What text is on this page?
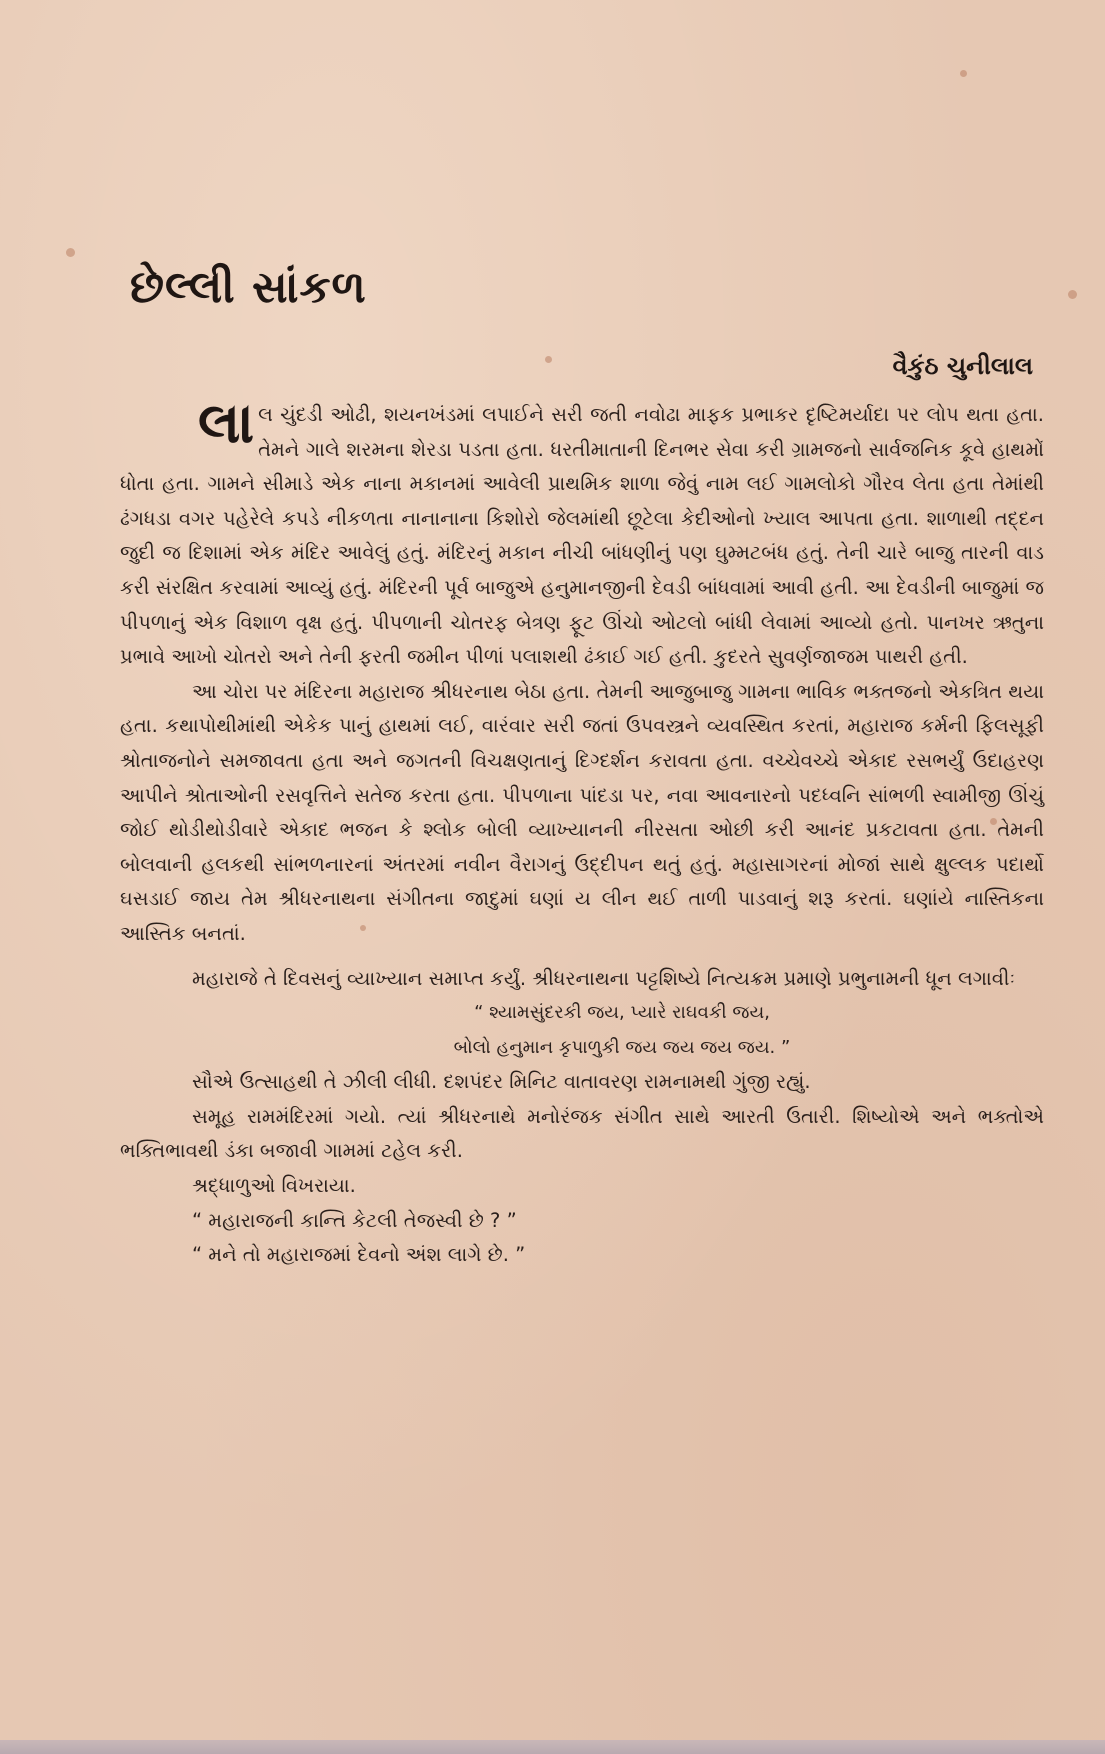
છેલ્લી સાંકળ
વૈકુંઠ ચુનીલાલ

લાલ ચુંદડી ઓઢી, શયનખંડમાં લપાઈને સરી જતી નવોઢા માફક પ્રભાકર દૃષ્ટિમર્યાદા પર લોપ થતા હતા. તેમને ગાલે શરમના શેરડા પડતા હતા. ધરતીમાતાની દિનભર સેવા કરી ગ્રામજનો સાર્વજનિક કૂવે હાથમોં ધોતા હતા. ગામને સીમાડે એક નાના મકાનમાં આવેલી પ્રાથમિક શાળા જેવું નામ લઈ ગામલોકો ગૌરવ લેતા હતા તેમાંથી ઢંગધડા વગર પહેરેલે કપડે નીકળતા નાનાનાના કિશોરો જેલમાંથી છૂટેલા કેદીઓનો ખ્યાલ આપતા હતા. શાળાથી તદ્દન જુદી જ દિશામાં એક મંદિર આવેલું હતું. મંદિરનું મકાન નીચી બાંધણીનું પણ ઘુમ્મટબંધ હતું. તેની ચારે બાજુ તારની વાડ કરી સંરક્ષિત કરવામાં આવ્યું હતું. મંદિરની પૂર્વ બાજુએ હનુમાનજીની દેવડી બાંધવામાં આવી હતી. આ દેવડીની બાજુમાં જ પીપળાનું એક વિશાળ વૃક્ષ હતું. પીપળાની ચોતરફ બેત્રણ ફૂટ ઊંચો ઓટલો બાંધી લેવામાં આવ્યો હતો. પાનખર ઋતુના પ્રભાવે આખો ચોતરો અને તેની ફરતી જમીન પીળાં પલાશથી ઢંકાઈ ગઈ હતી. કુદરતે સુવર્ણજાજમ પાથરી હતી.

આ ચોરા પર મંદિરના મહારાજ શ્રીધરનાથ બેઠા હતા. તેમની આજુબાજુ ગામના ભાવિક ભક્તજનો એકત્રિત થયા હતા. કથાપોથીમાંથી એકેક પાનું હાથમાં લઈ, વારંવાર સરી જતાં ઉપવસ્ત્રને વ્યવસ્થિત કરતાં, મહારાજ કર્મની ફિલસૂફી શ્રોતાજનોને સમજાવતા હતા અને જગતની વિચક્ષણતાનું દિગ્દર્શન કરાવતા હતા. વચ્ચેવચ્ચે એકાદ રસભર્યું ઉદાહરણ આપીને શ્રોતાઓની રસવૃત્તિને સતેજ કરતા હતા. પીપળાના પાંદડા પર, નવા આવનારનો પદધ્વનિ સાંભળી સ્વામીજી ઊંચું જોઈ થોડીથોડીવારે એકાદ ભજન કે શ્લોક બોલી વ્યાખ્યાનની નીરસતા ઓછી કરી આનંદ પ્રકટાવતા હતા. તેમની બોલવાની હલકથી સાંભળનારનાં અંતરમાં નવીન વૈરાગનું ઉદ્દીપન થતું હતું. મહાસાગરનાં મોજાં સાથે ક્ષુલ્લક પદાર્થો ઘસડાઈ જાય તેમ શ્રીધરનાથના સંગીતના જાદુમાં ઘણાં ય લીન થઈ તાળી પાડવાનું શરૂ કરતાં. ઘણાંયે નાસ્તિકના આસ્તિક બનતાં.

મહારાજે તે દિવસનું વ્યાખ્યાન સમાપ્ત કર્યું. શ્રીધરનાથના પટ્ટશિષ્યે નિત્યક્રમ પ્રમાણે પ્રભુનામની ધૂન લગાવીઃ

“ શ્યામસુંદરકી જય, પ્યારે રાઘવકી જય,

બોલો હનુમાન કૃપાળુકી જય જય જય જય. ”

સૌએ ઉત્સાહથી તે ઝીલી લીધી. દશપંદર મિનિટ વાતાવરણ રામનામથી ગુંજી રહ્યું.

સમૂહ રામમંદિરમાં ગયો. ત્યાં શ્રીધરનાથે મનોરંજક સંગીત સાથે આરતી ઉતારી. શિષ્યોએ અને ભક્તોએ ભક્તિભાવથી ડંકા બજાવી ગામમાં ટહેલ કરી.

શ્રદ્ધાળુઓ વિખરાયા.

“ મહારાજની કાન્તિ કેટલી તેજસ્વી છે ? ”

“ મને તો મહારાજમાં દેવનો અંશ લાગે છે. ”
